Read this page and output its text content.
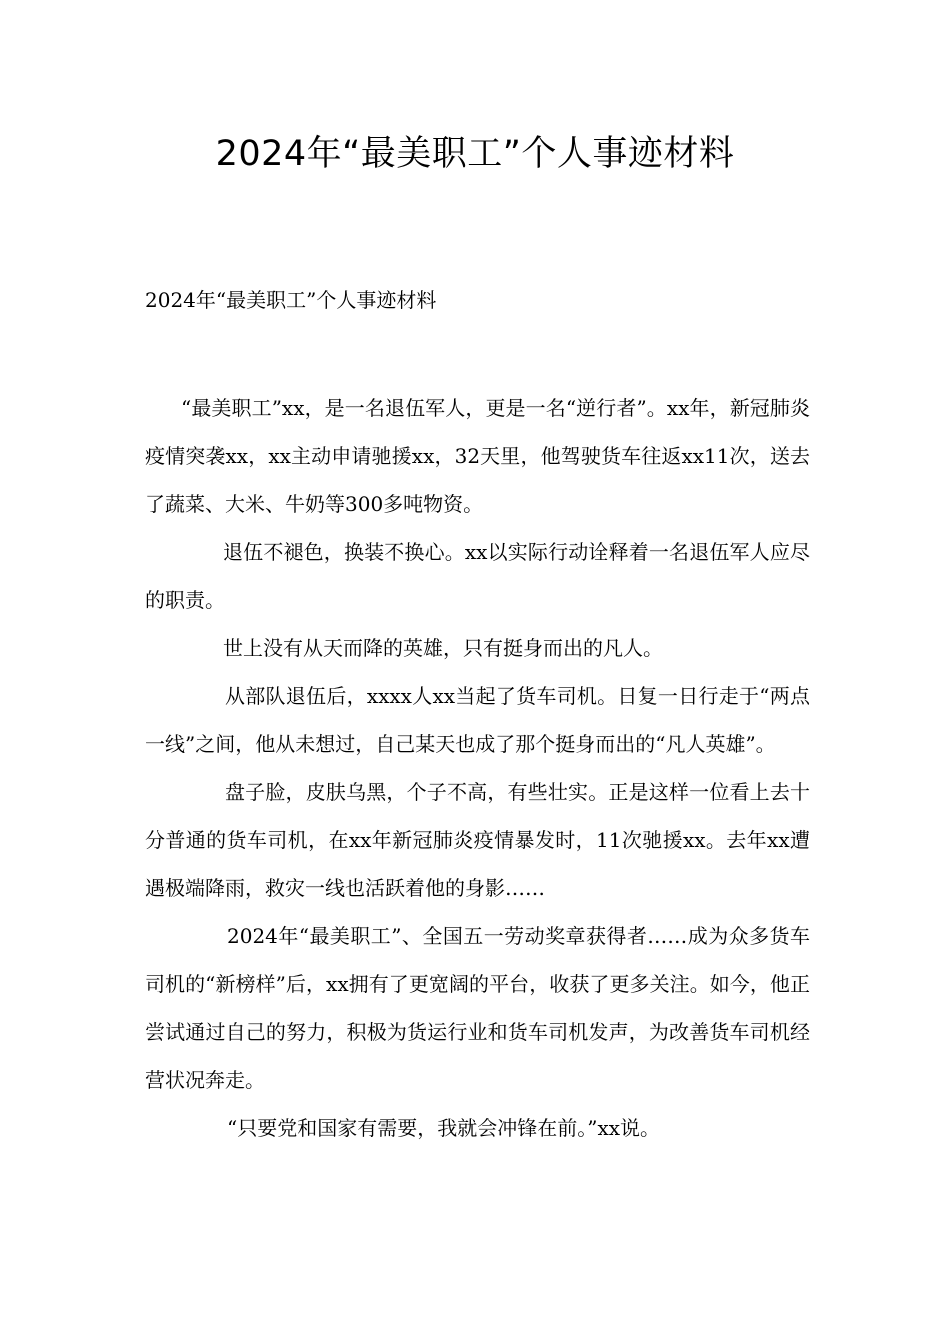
2024年“最美职工”个人事迹材料

2024年“最美职工”个人事迹材料

“最美职工”xx，是一名退伍军人，更是一名“逆行者”。xx年，新冠肺炎疫情突袭xx，xx主动申请驰援xx，32天里，他驾驶货车往返xx11次，送去了蔬菜、大米、牛奶等300多吨物资。

退伍不褪色，换装不换心。xx以实际行动诠释着一名退伍军人应尽的职责。

世上没有从天而降的英雄，只有挺身而出的凡人。

从部队退伍后，xxxx人xx当起了货车司机。日复一日行走于“两点一线”之间，他从未想过，自己某天也成了那个挺身而出的“凡人英雄”。

盘子脸，皮肤乌黑，个子不高，有些壮实。正是这样一位看上去十分普通的货车司机，在xx年新冠肺炎疫情暴发时，11次驰援xx。去年xx遭遇极端降雨，救灾一线也活跃着他的身影……

2024年“最美职工”、全国五一劳动奖章获得者……成为众多货车司机的“新榜样”后，xx拥有了更宽阔的平台，收获了更多关注。如今，他正尝试通过自己的努力，积极为货运行业和货车司机发声，为改善货车司机经营状况奔走。

“只要党和国家有需要，我就会冲锋在前。”xx说。
